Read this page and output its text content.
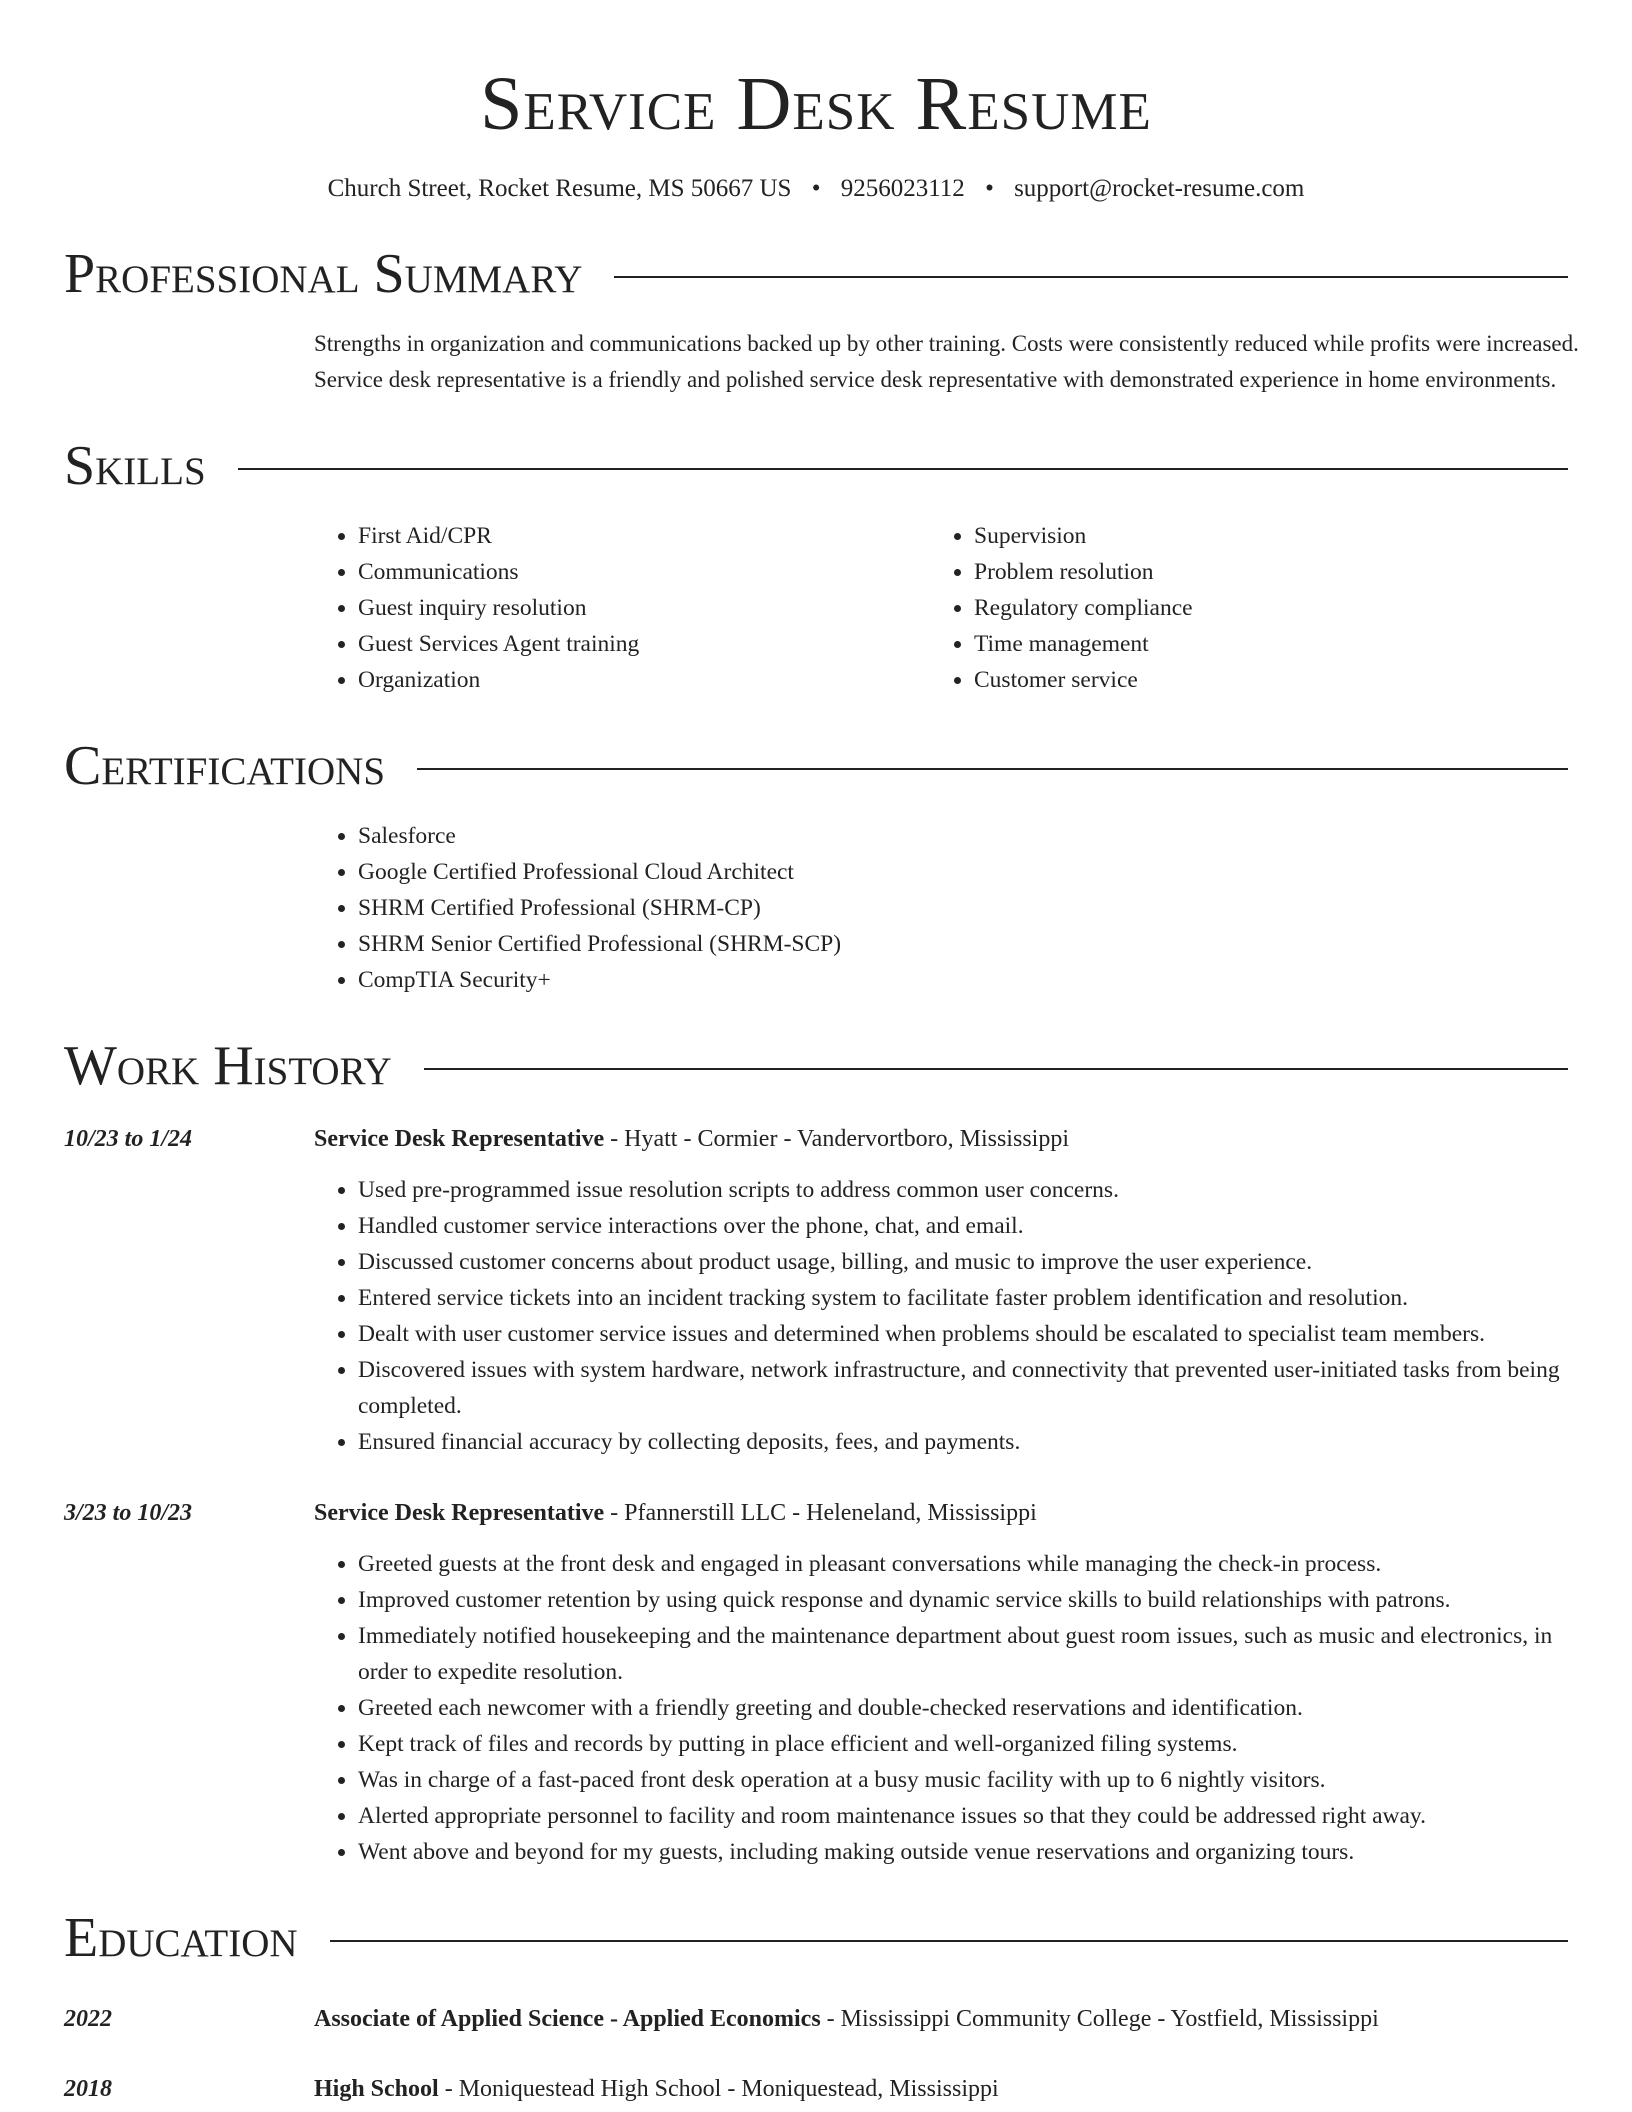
Service Desk Resume
Church Street, Rocket Resume, MS 50667 US • 9256023112 • support@rocket-resume.com
Professional Summary
Strengths in organization and communications backed up by other training. Costs were consistently reduced while profits were increased. Service desk representative is a friendly and polished service desk representative with demonstrated experience in home environments.
Skills
• First Aid/CPR
• Communications
• Guest inquiry resolution
• Guest Services Agent training
• Organization
• Supervision
• Problem resolution
• Regulatory compliance
• Time management
• Customer service
Certifications
• Salesforce
• Google Certified Professional Cloud Architect
• SHRM Certified Professional (SHRM-CP)
• SHRM Senior Certified Professional (SHRM-SCP)
• CompTIA Security+
Work History
10/23 to 1/24	Service Desk Representative - Hyatt - Cormier - Vandervortboro, Mississippi
• Used pre-programmed issue resolution scripts to address common user concerns.
• Handled customer service interactions over the phone, chat, and email.
• Discussed customer concerns about product usage, billing, and music to improve the user experience.
• Entered service tickets into an incident tracking system to facilitate faster problem identification and resolution.
• Dealt with user customer service issues and determined when problems should be escalated to specialist team members.
• Discovered issues with system hardware, network infrastructure, and connectivity that prevented user-initiated tasks from being completed.
• Ensured financial accuracy by collecting deposits, fees, and payments.
3/23 to 10/23	Service Desk Representative - Pfannerstill LLC - Heleneland, Mississippi
• Greeted guests at the front desk and engaged in pleasant conversations while managing the check-in process.
• Improved customer retention by using quick response and dynamic service skills to build relationships with patrons.
• Immediately notified housekeeping and the maintenance department about guest room issues, such as music and electronics, in order to expedite resolution.
• Greeted each newcomer with a friendly greeting and double-checked reservations and identification.
• Kept track of files and records by putting in place efficient and well-organized filing systems.
• Was in charge of a fast-paced front desk operation at a busy music facility with up to 6 nightly visitors.
• Alerted appropriate personnel to facility and room maintenance issues so that they could be addressed right away.
• Went above and beyond for my guests, including making outside venue reservations and organizing tours.
Education
2022	Associate of Applied Science - Applied Economics - Mississippi Community College - Yostfield, Mississippi
2018	High School - Moniquestead High School - Moniquestead, Mississippi
